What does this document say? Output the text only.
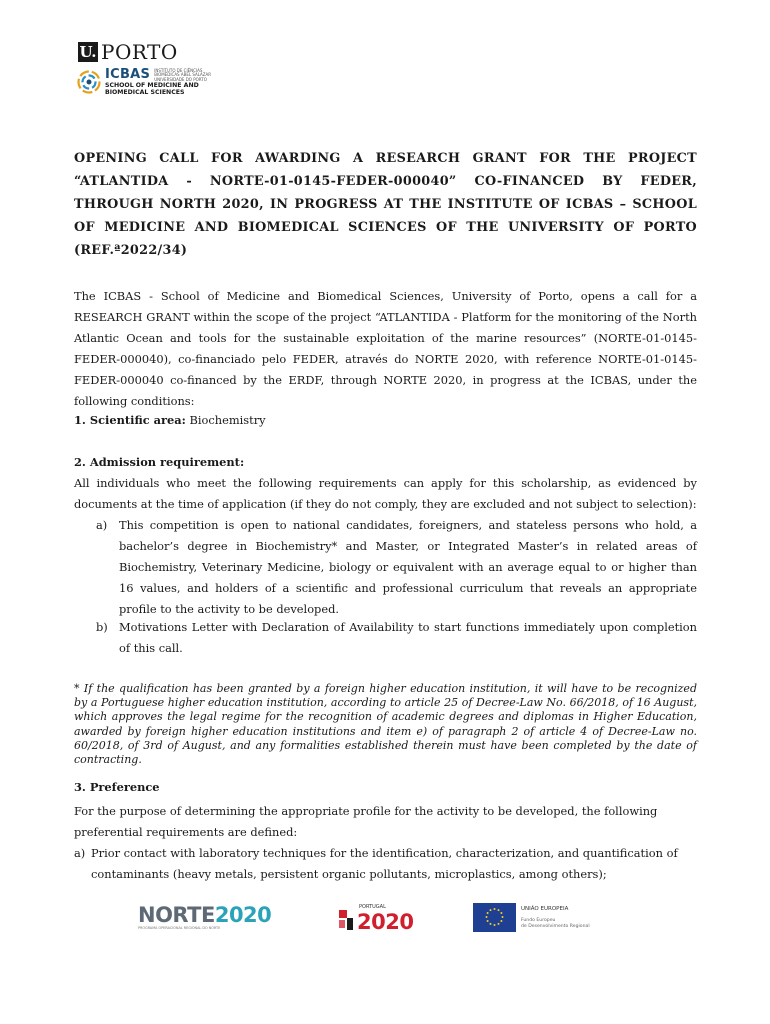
U. PORTO
ICBAS INSTITUTO DE CIÊNCIAS
BIOMÉDICAS ABEL SALAZAR
UNIVERSIDADE DO PORTO
SCHOOL OF MEDICINE AND
BIOMEDICAL SCIENCES

OPENING CALL FOR AWARDING A RESEARCH GRANT FOR THE PROJECT “ATLANTIDA - NORTE-01-0145-FEDER-000040” CO-FINANCED BY FEDER, THROUGH NORTH 2020, IN PROGRESS AT THE INSTITUTE OF ICBAS – SCHOOL OF MEDICINE AND BIOMEDICAL SCIENCES OF THE UNIVERSITY OF PORTO (REF.ª2022/34)

The ICBAS - School of Medicine and Biomedical Sciences, University of Porto, opens a call for a RESEARCH GRANT within the scope of the project “ATLANTIDA - Platform for the monitoring of the North Atlantic Ocean and tools for the sustainable exploitation of the marine resources” (NORTE-01-0145-FEDER-000040), co-financiado pelo FEDER, através do NORTE 2020, with reference NORTE-01-0145-FEDER-000040 co-financed by the ERDF, through NORTE 2020, in progress at the ICBAS, under the following conditions:

1. Scientific area: Biochemistry

2. Admission requirement:

All individuals who meet the following requirements can apply for this scholarship, as evidenced by documents at the time of application (if they do not comply, they are excluded and not subject to selection):

a) This competition is open to national candidates, foreigners, and stateless persons who hold, a bachelor’s degree in Biochemistry* and Master, or Integrated Master’s in related areas of Biochemistry, Veterinary Medicine, biology or equivalent with an average equal to or higher than 16 values, and holders of a scientific and professional curriculum that reveals an appropriate profile to the activity to be developed.

b) Motivations Letter with Declaration of Availability to start functions immediately upon completion of this call.

* If the qualification has been granted by a foreign higher education institution, it will have to be recognized by a Portuguese higher education institution, according to article 25 of Decree-Law No. 66/2018, of 16 August, which approves the legal regime for the recognition of academic degrees and diplomas in Higher Education, awarded by foreign higher education institutions and item e) of paragraph 2 of article 4 of Decree-Law no. 60/2018, of 3rd of August, and any formalities established therein must have been completed by the date of contracting.

3. Preference

For the purpose of determining the appropriate profile for the activity to be developed, the following preferential requirements are defined:

a) Prior contact with laboratory techniques for the identification, characterization, and quantification of contaminants (heavy metals, persistent organic pollutants, microplastics, among others);

NORTE2020
PROGRAMA OPERACIONAL REGIONAL DO NORTE
PORTUGAL
2020
UNIÃO EUROPEIA
Fundo Europeu
de Desenvolvimento Regional
